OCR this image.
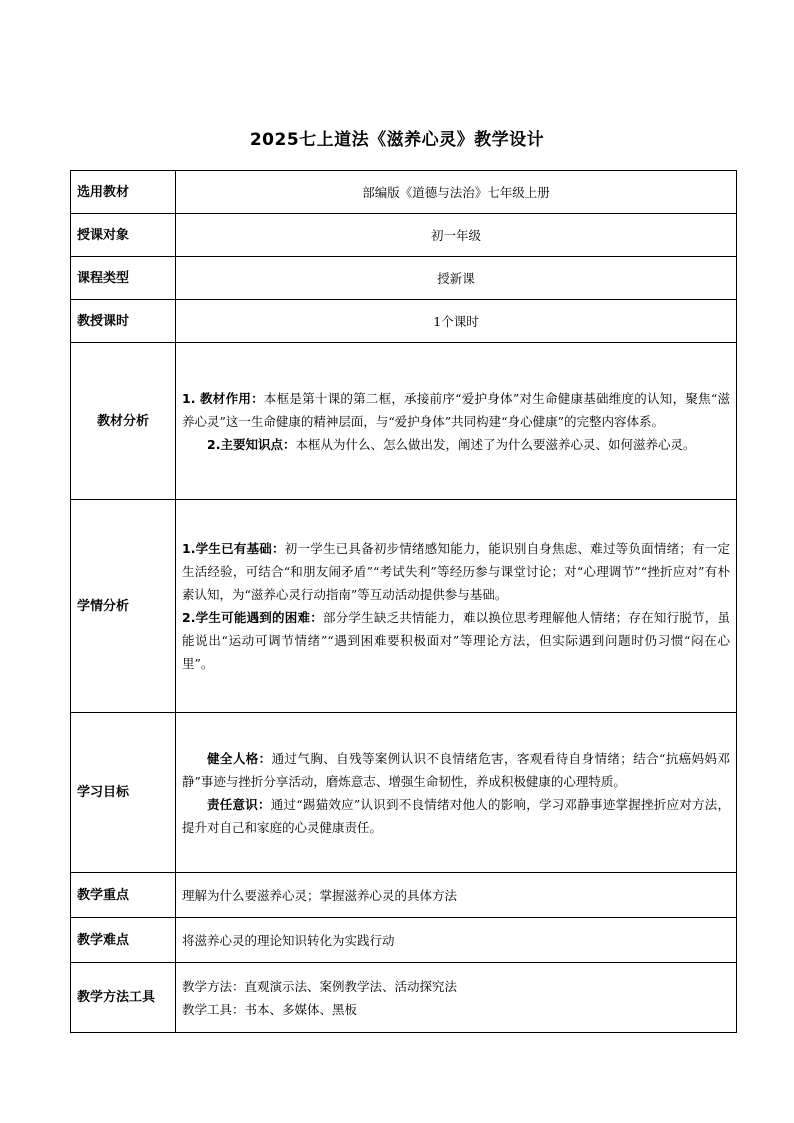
2025七上道法《滋养心灵》教学设计
选用教材	部编版《道德与法治》七年级上册
授课对象	初一年级
课程类型	授新课
教授课时	1个课时
教材分析	1. 教材作用：本框是第十课的第二框，承接前序“爱护身体”对生命健康基础维度的认知，聚焦“滋养心灵”这一生命健康的精神层面，与“爱护身体”共同构建“身心健康”的完整内容体系。

2.主要知识点：本框从为什么、怎么做出发，阐述了为什么要滋养心灵、如何滋养心灵。

学情分析	1.学生已有基础：初一学生已具备初步情绪感知能力，能识别自身焦虑、难过等负面情绪；有一定生活经验，可结合“和朋友闹矛盾”“考试失利”等经历参与课堂讨论；对“心理调节”“挫折应对”有朴素认知，为“滋养心灵行动指南”等互动活动提供参与基础。

2.学生可能遇到的困难：部分学生缺乏共情能力，难以换位思考理解他人情绪；存在知行脱节，虽能说出“运动可调节情绪”“遇到困难要积极面对”等理论方法，但实际遇到问题时仍习惯“闷在心里”。

学习目标	健全人格：通过气胸、自残等案例认识不良情绪危害，客观看待自身情绪；结合“抗癌妈妈邓静”事迹与挫折分享活动，磨炼意志、增强生命韧性，养成积极健康的心理特质。

责任意识：通过“踢猫效应”认识到不良情绪对他人的影响，学习邓静事迹掌握挫折应对方法，提升对自己和家庭的心灵健康责任。

教学重点	理解为什么要滋养心灵；掌握滋养心灵的具体方法
教学难点	将滋养心灵的理论知识转化为实践行动
教学方法工具	教学方法：直观演示法、案例教学法、活动探究法
教学工具：书本、多媒体、黑板
